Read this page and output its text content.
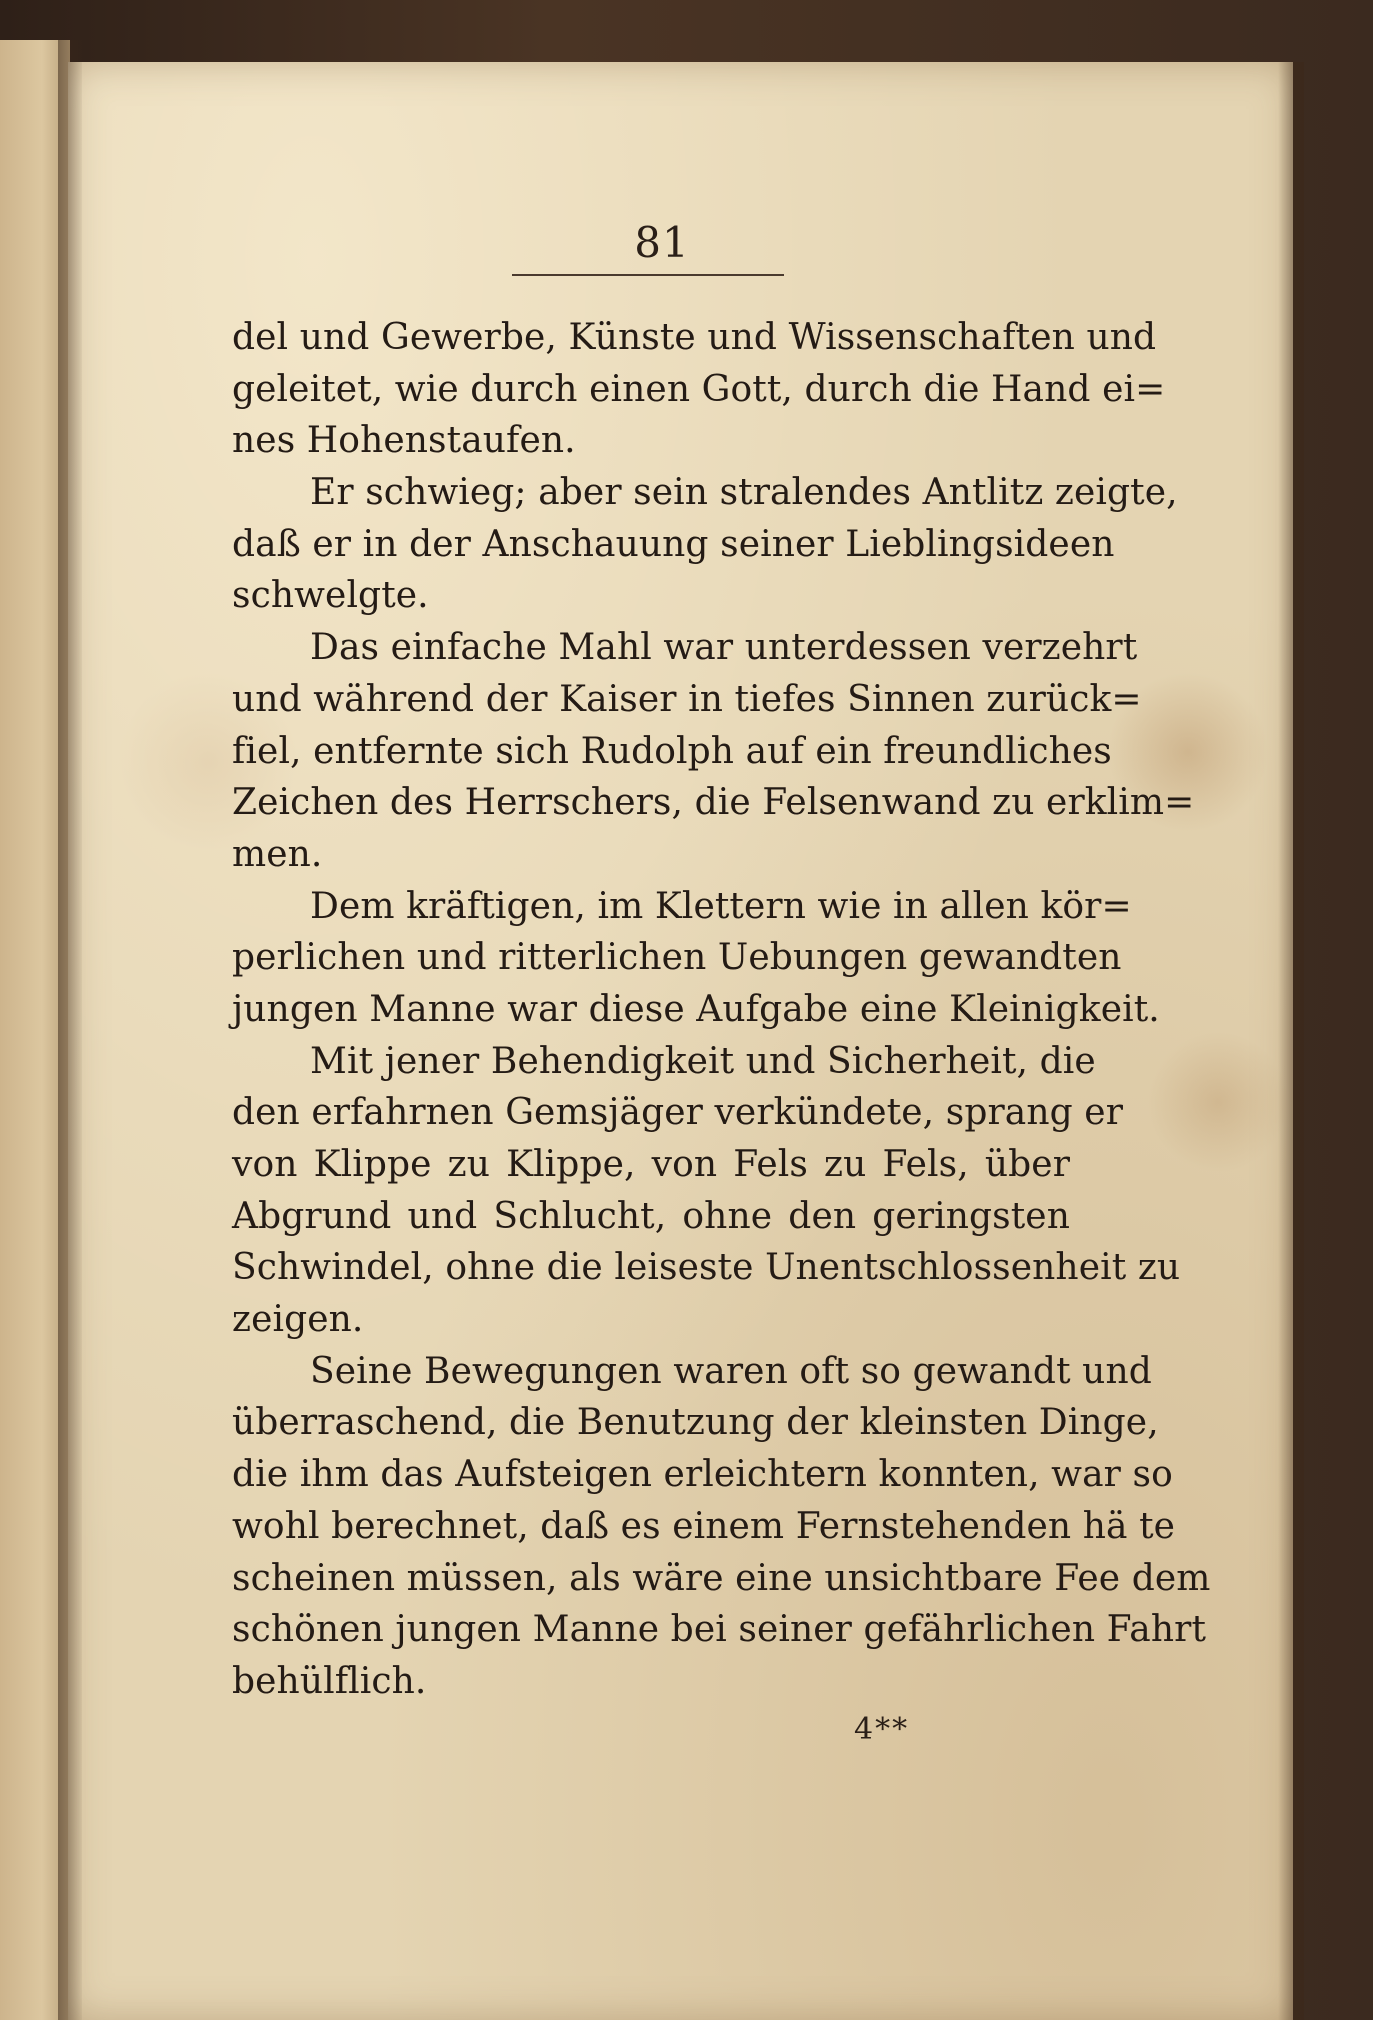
81
del und Gewerbe, Künste und Wissenschaften und
geleitet, wie durch einen Gott, durch die Hand ei=
nes Hohenstaufen.
Er schwieg; aber sein stralendes Antlitz zeigte,
daß er in der Anschauung seiner Lieblingsideen
schwelgte.
Das einfache Mahl war unterdessen verzehrt
und während der Kaiser in tiefes Sinnen zurück=
fiel, entfernte sich Rudolph auf ein freundliches
Zeichen des Herrschers, die Felsenwand zu erklim=
men.
Dem kräftigen, im Klettern wie in allen kör=
perlichen und ritterlichen Uebungen gewandten
jungen Manne war diese Aufgabe eine Kleinigkeit.
Mit jener Behendigkeit und Sicherheit, die
den erfahrnen Gemsjäger verkündete, sprang er
von Klippe zu Klippe, von Fels zu Fels, über
Abgrund und Schlucht, ohne den geringsten
Schwindel, ohne die leiseste Unentschlossenheit zu
zeigen.
Seine Bewegungen waren oft so gewandt und
überraschend, die Benutzung der kleinsten Dinge,
die ihm das Aufsteigen erleichtern konnten, war so
wohl berechnet, daß es einem Fernstehenden hä te
scheinen müssen, als wäre eine unsichtbare Fee dem
schönen jungen Manne bei seiner gefährlichen Fahrt
behülflich.
4**
